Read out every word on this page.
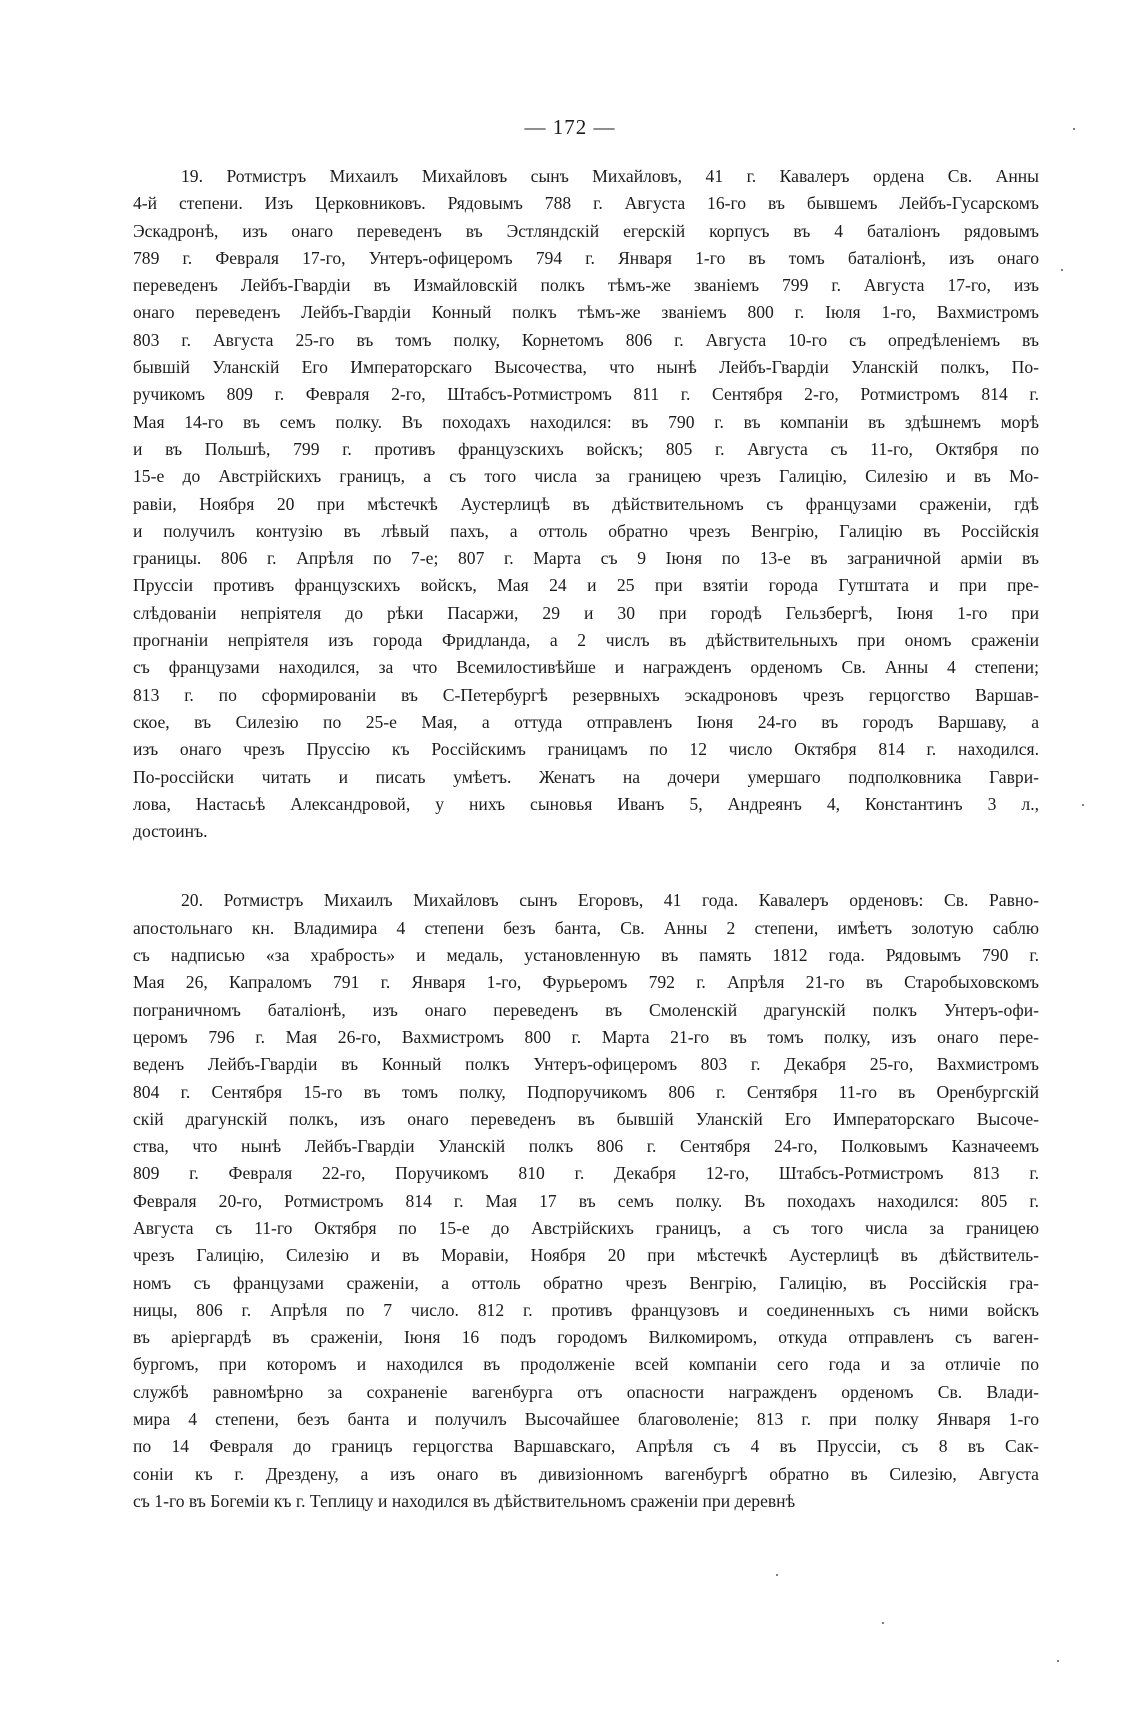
— 172 —

19. Ротмистръ Михаилъ Михайловъ сынъ Михайловъ, 41 г. Кавалеръ ордена Св. Анны
4-й степени. Изъ Церковниковъ. Рядовымъ 788 г. Августа 16-го въ бывшемъ Лейбъ-Гусарскомъ
Эскадронѣ, изъ онаго переведенъ въ Эстляндскій егерскій корпусъ въ 4 баталіонъ рядовымъ
789 г. Февраля 17-го, Унтеръ-офицеромъ 794 г. Января 1-го въ томъ баталіонѣ, изъ онаго
переведенъ Лейбъ-Гвардіи въ Измайловскій полкъ тѣмъ-же званіемъ 799 г. Августа 17-го, изъ
онаго переведенъ Лейбъ-Гвардіи Конный полкъ тѣмъ-же званіемъ 800 г. Іюля 1-го, Вахмистромъ
803 г. Августа 25-го въ томъ полку, Корнетомъ 806 г. Августа 10-го съ опредѣленіемъ въ
бывшій Уланскій Его Императорскаго Высочества, что нынѣ Лейбъ-Гвардіи Уланскій полкъ, По-
ручикомъ 809 г. Февраля 2-го, Штабсъ-Ротмистромъ 811 г. Сентября 2-го, Ротмистромъ 814 г.
Мая 14-го въ семъ полку. Въ походахъ находился: въ 790 г. въ компаніи въ здѣшнемъ морѣ
и въ Польшѣ, 799 г. противъ французскихъ войскъ; 805 г. Августа съ 11-го, Октября по
15-е до Австрійскихъ границъ, а съ того числа за границею чрезъ Галицію, Силезію и въ Мо-
равіи, Ноября 20 при мѣстечкѣ Аустерлицѣ въ дѣйствительномъ съ французами сраженіи, гдѣ
и получилъ контузію въ лѣвый пахъ, а оттоль обратно чрезъ Венгрію, Галицію въ Россійскія
границы. 806 г. Апрѣля по 7-е; 807 г. Марта съ 9 Іюня по 13-е въ заграничной арміи въ
Пруссіи противъ французскихъ войскъ, Мая 24 и 25 при взятіи города Гутштата и при пре-
слѣдованіи непріятеля до рѣки Пасаржи, 29 и 30 при городѣ Гельзбергѣ, Іюня 1-го при
прогнаніи непріятеля изъ города Фридланда, а 2 числъ въ дѣйствительныхъ при ономъ сраженіи
съ французами находился, за что Всемилостивѣйше и награжденъ орденомъ Св. Анны 4 степени;
813 г. по сформированіи въ С-Петербургѣ резервныхъ эскадроновъ чрезъ герцогство Варшав-
ское, въ Силезію по 25-е Мая, а оттуда отправленъ Іюня 24-го въ городъ Варшаву, а
изъ онаго чрезъ Пруссію къ Россійскимъ границамъ по 12 число Октября 814 г. находился.
По-россійски читать и писать умѣетъ. Женатъ на дочери умершаго подполковника Гаври-
лова, Настасьѣ Александровой, у нихъ сыновья Иванъ 5, Андреянъ 4, Константинъ 3 л.,
достоинъ.

20. Ротмистръ Михаилъ Михайловъ сынъ Егоровъ, 41 года. Кавалеръ орденовъ: Св. Равно-
апостольнаго кн. Владимира 4 степени безъ банта, Св. Анны 2 степени, имѣетъ золотую саблю
съ надписью «за храбрость» и медаль, установленную въ память 1812 года. Рядовымъ 790 г.
Мая 26, Капраломъ 791 г. Января 1-го, Фурьеромъ 792 г. Апрѣля 21-го въ Старобыховскомъ
пограничномъ баталіонѣ, изъ онаго переведенъ въ Смоленскій драгунскій полкъ Унтеръ-офи-
церомъ 796 г. Мая 26-го, Вахмистромъ 800 г. Марта 21-го въ томъ полку, изъ онаго пере-
веденъ Лейбъ-Гвардіи въ Конный полкъ Унтеръ-офицеромъ 803 г. Декабря 25-го, Вахмистромъ
804 г. Сентября 15-го въ томъ полку, Подпоручикомъ 806 г. Сентября 11-го въ Оренбургскій
скій драгунскій полкъ, изъ онаго переведенъ въ бывшій Уланскій Его Императорскаго Высоче-
ства, что нынѣ Лейбъ-Гвардіи Уланскій полкъ 806 г. Сентября 24-го, Полковымъ Казначеемъ
809 г. Февраля 22-го, Поручикомъ 810 г. Декабря 12-го, Штабсъ-Ротмистромъ 813 г.
Февраля 20-го, Ротмистромъ 814 г. Мая 17 въ семъ полку. Въ походахъ находился: 805 г.
Августа съ 11-го Октября по 15-е до Австрійскихъ границъ, а съ того числа за границею
чрезъ Галицію, Силезію и въ Моравіи, Ноября 20 при мѣстечкѣ Аустерлицѣ въ дѣйствитель-
номъ съ французами сраженіи, а оттоль обратно чрезъ Венгрію, Галицію, въ Россійскія гра-
ницы, 806 г. Апрѣля по 7 число. 812 г. противъ французовъ и соединенныхъ съ ними войскъ
въ аріергардѣ въ сраженіи, Іюня 16 подъ городомъ Вилкомиромъ, откуда отправленъ съ ваген-
бургомъ, при которомъ и находился въ продолженіе всей компаніи сего года и за отличіе по
службѣ равномѣрно за сохраненіе вагенбурга отъ опасности награжденъ орденомъ Св. Влади-
мира 4 степени, безъ банта и получилъ Высочайшее благоволеніе; 813 г. при полку Января 1-го
по 14 Февраля до границъ герцогства Варшавскаго, Апрѣля съ 4 въ Пруссіи, съ 8 въ Сак-
соніи къ г. Дрездену, а изъ онаго въ дивизіонномъ вагенбургѣ обратно въ Силезію, Августа
съ 1-го въ Богеміи къ г. Теплицу и находился въ дѣйствительномъ сраженіи при деревнѣ
